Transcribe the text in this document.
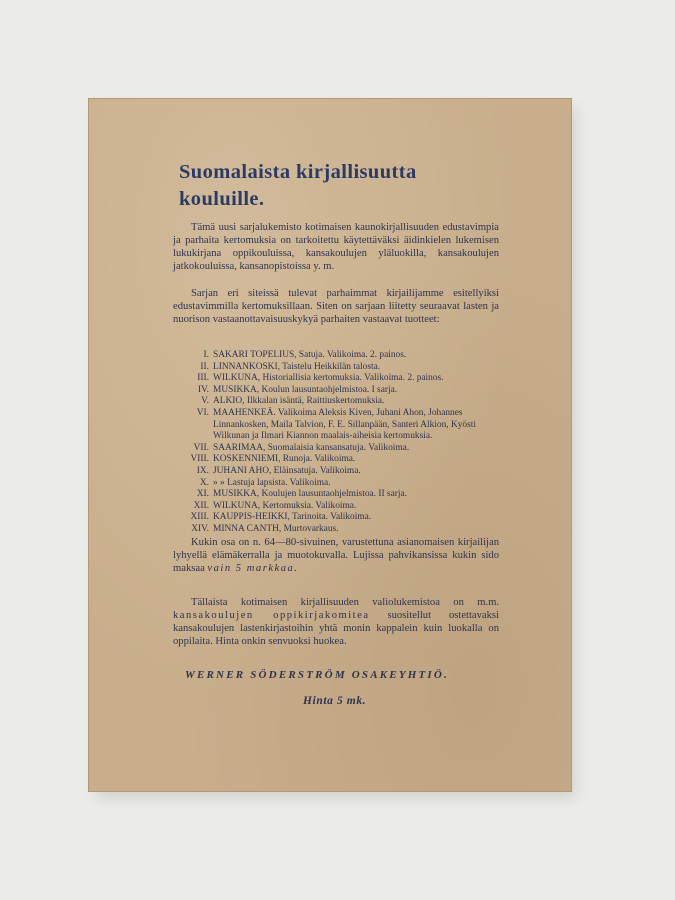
Suomalaista kirjallisuutta
kouluille.

Tämä uusi sarjalukemisto kotimaisen kaunokirjallisuuden edustavimpia ja parhaita kertomuksia on tarkoitettu käytettäväksi äidinkielen lukemisen lukukirjana oppikouluissa, kansakoulujen yläluokilla, kansakoulujen jatkokouluissa, kansanopistoissa y. m.

Sarjan eri siteissä tulevat parhaimmat kirjailijamme esitellyiksi edustavimmilla kertomuksillaan. Siten on sarjaan liitetty seuraavat lasten ja nuorison vastaanottavaisuuskykyä parhaiten vastaavat tuotteet:

I. SAKARI TOPELIUS, Satuja. Valikoima. 2. painos.
II. LINNANKOSKI, Taistelu Heikkilän talosta.
III. WILKUNA, Historiallisia kertomuksia. Valikoima. 2. painos.
IV. MUSIKKA, Koulun lausuntaohjelmistoa. I sarja.
V. ALKIO, Ilkkalan isäntä, Raittiuskertomuksia.
VI. MAAHENKEÄ. Valikoima Aleksis Kiven, Juhani Ahon, Johannes Linnankosken, Maila Talvion, F. E. Sillanpään, Santeri Alkion, Kyösti Wilkunan ja Ilmari Kiannon maalais-aiheisia kertomuksia.
VII. SAARIMAA, Suomalaisia kansansatuja. Valikoima.
VIII. KOSKENNIEMI, Runoja. Valikoima.
IX. JUHANI AHO, Eläinsatuja. Valikoima.
X. » » Lastuja lapsista. Valikoima.
XI. MUSIKKA, Koulujen lausuntaohjelmistoa. II sarja.
XII. WILKUNA, Kertomuksia. Valikoima.
XIII. KAUPPIS-HEIKKI, Tarinoita. Valikoima.
XIV. MINNA CANTH, Murtovarkaus.

Kukin osa on n. 64—80-sivuinen, varustettuna asianomaisen kirjailijan lyhyellä elämäkerralla ja muotokuvalla. Lujissa pahvikansissa kukin sido maksaa vain 5 markkaa.

Tällaista kotimaisen kirjallisuuden valiolukemistoa on m.m. kansakoulujen oppikirjakomitea suositellut ostettavaksi kansakoulujen lastenkirjastoihin yhtä monin kappalein kuin luokalla on oppilaita. Hinta onkin senvuoksi huokea.

WERNER SÖDERSTRÖM OSAKEYHTIÖ.

Hinta 5 mk.
